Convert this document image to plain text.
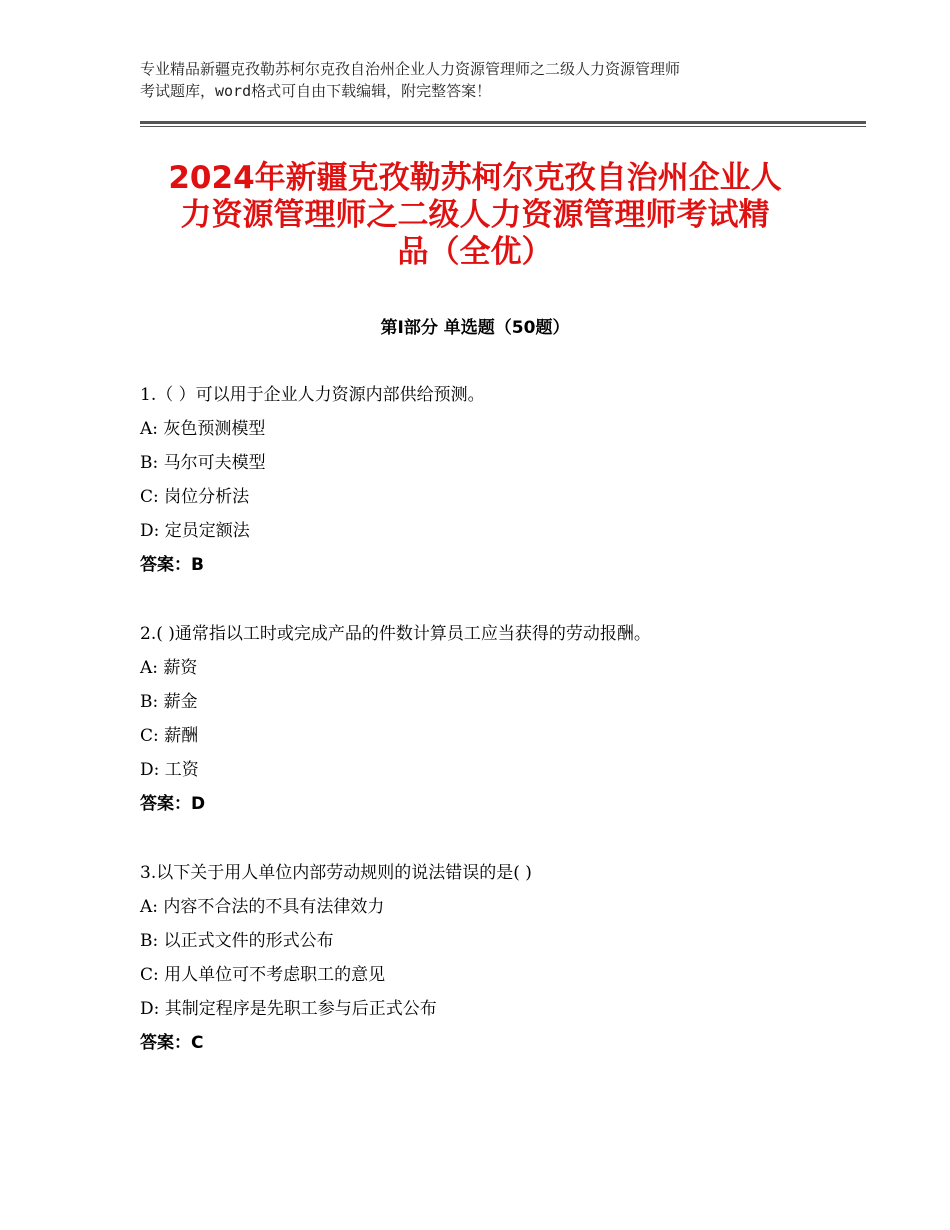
专业精品新疆克孜勒苏柯尔克孜自治州企业人力资源管理师之二级人力资源管理师
考试题库，word格式可自由下载编辑，附完整答案！
2024年新疆克孜勒苏柯尔克孜自治州企业人
力资源管理师之二级人力资源管理师考试精
品（全优）
第Ⅰ部分 单选题（50题）
1.（ ）可以用于企业人力资源内部供给预测。
A: 灰色预测模型
B: 马尔可夫模型
C: 岗位分析法
D: 定员定额法
答案：B
2.( )通常指以工时或完成产品的件数计算员工应当获得的劳动报酬。
A: 薪资
B: 薪金
C: 薪酬
D: 工资
答案：D
3.以下关于用人单位内部劳动规则的说法错误的是( )
A: 内容不合法的不具有法律效力
B: 以正式文件的形式公布
C: 用人单位可不考虑职工的意见
D: 其制定程序是先职工参与后正式公布
答案：C
